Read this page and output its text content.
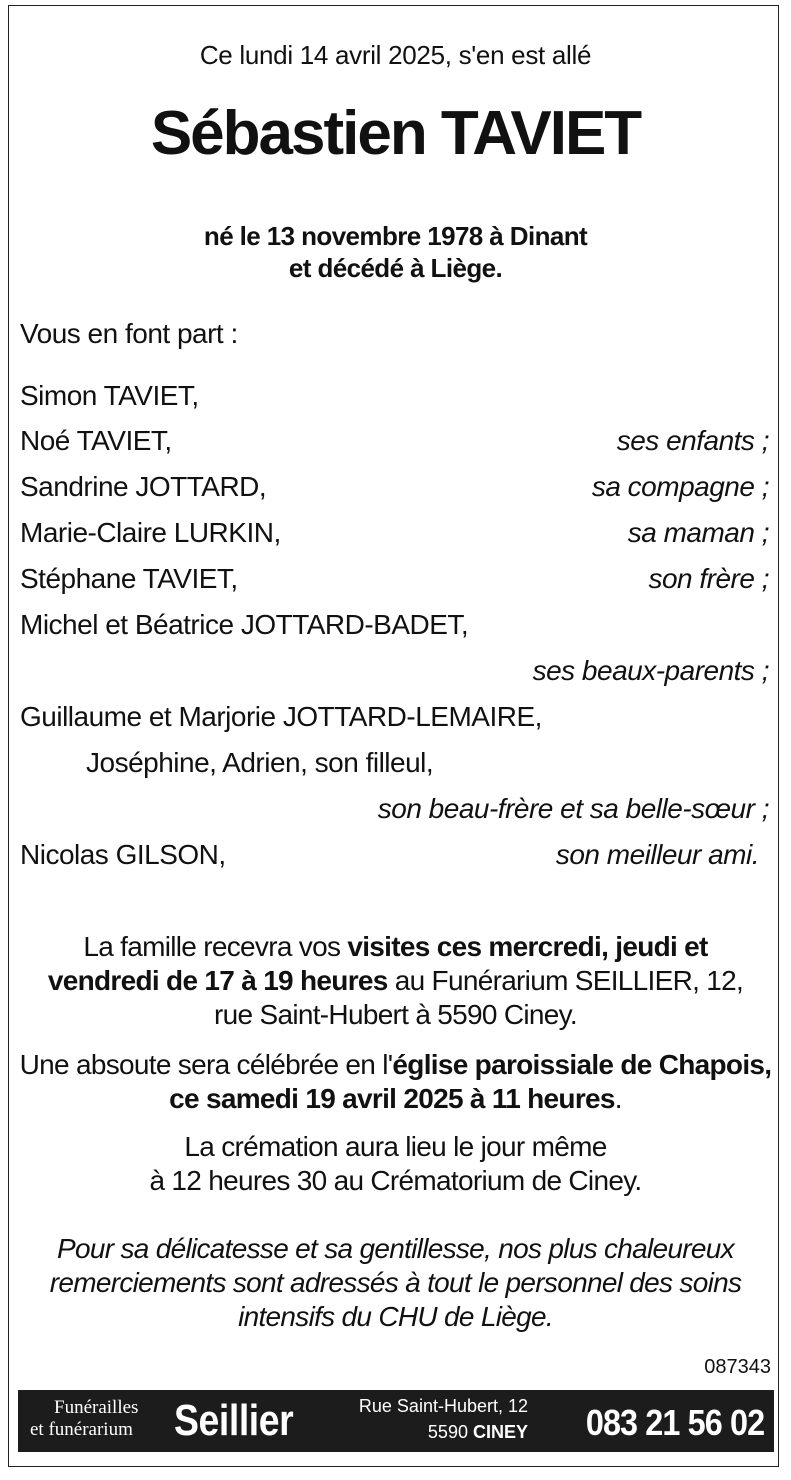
Ce lundi 14 avril 2025, s'en est allé
Sébastien TAVIET
né le 13 novembre 1978 à Dinant
et décédé à Liège.
Vous en font part :
Simon TAVIET,
Noé TAVIET,	ses enfants ;
Sandrine JOTTARD,	sa compagne ;
Marie-Claire LURKIN,	sa maman ;
Stéphane TAVIET,	son frère ;
Michel et Béatrice JOTTARD-BADET,
ses beaux-parents ;
Guillaume et Marjorie JOTTARD-LEMAIRE,
Joséphine, Adrien, son filleul,
son beau-frère et sa belle-sœur ;
Nicolas GILSON,	son meilleur ami.
La famille recevra vos visites ces mercredi, jeudi et vendredi de 17 à 19 heures au Funérarium SEILLIER, 12, rue Saint-Hubert à 5590 Ciney.
Une absoute sera célébrée en l'église paroissiale de Chapois, ce samedi 19 avril 2025 à 11 heures.
La crémation aura lieu le jour même
à 12 heures 30 au Crématorium de Ciney.
Pour sa délicatesse et sa gentillesse, nos plus chaleureux remerciements sont adressés à tout le personnel des soins intensifs du CHU de Liège.
087343
Funérailles
et funérarium Seillier	Rue Saint-Hubert, 12
5590 CINEY 083 21 56 02
